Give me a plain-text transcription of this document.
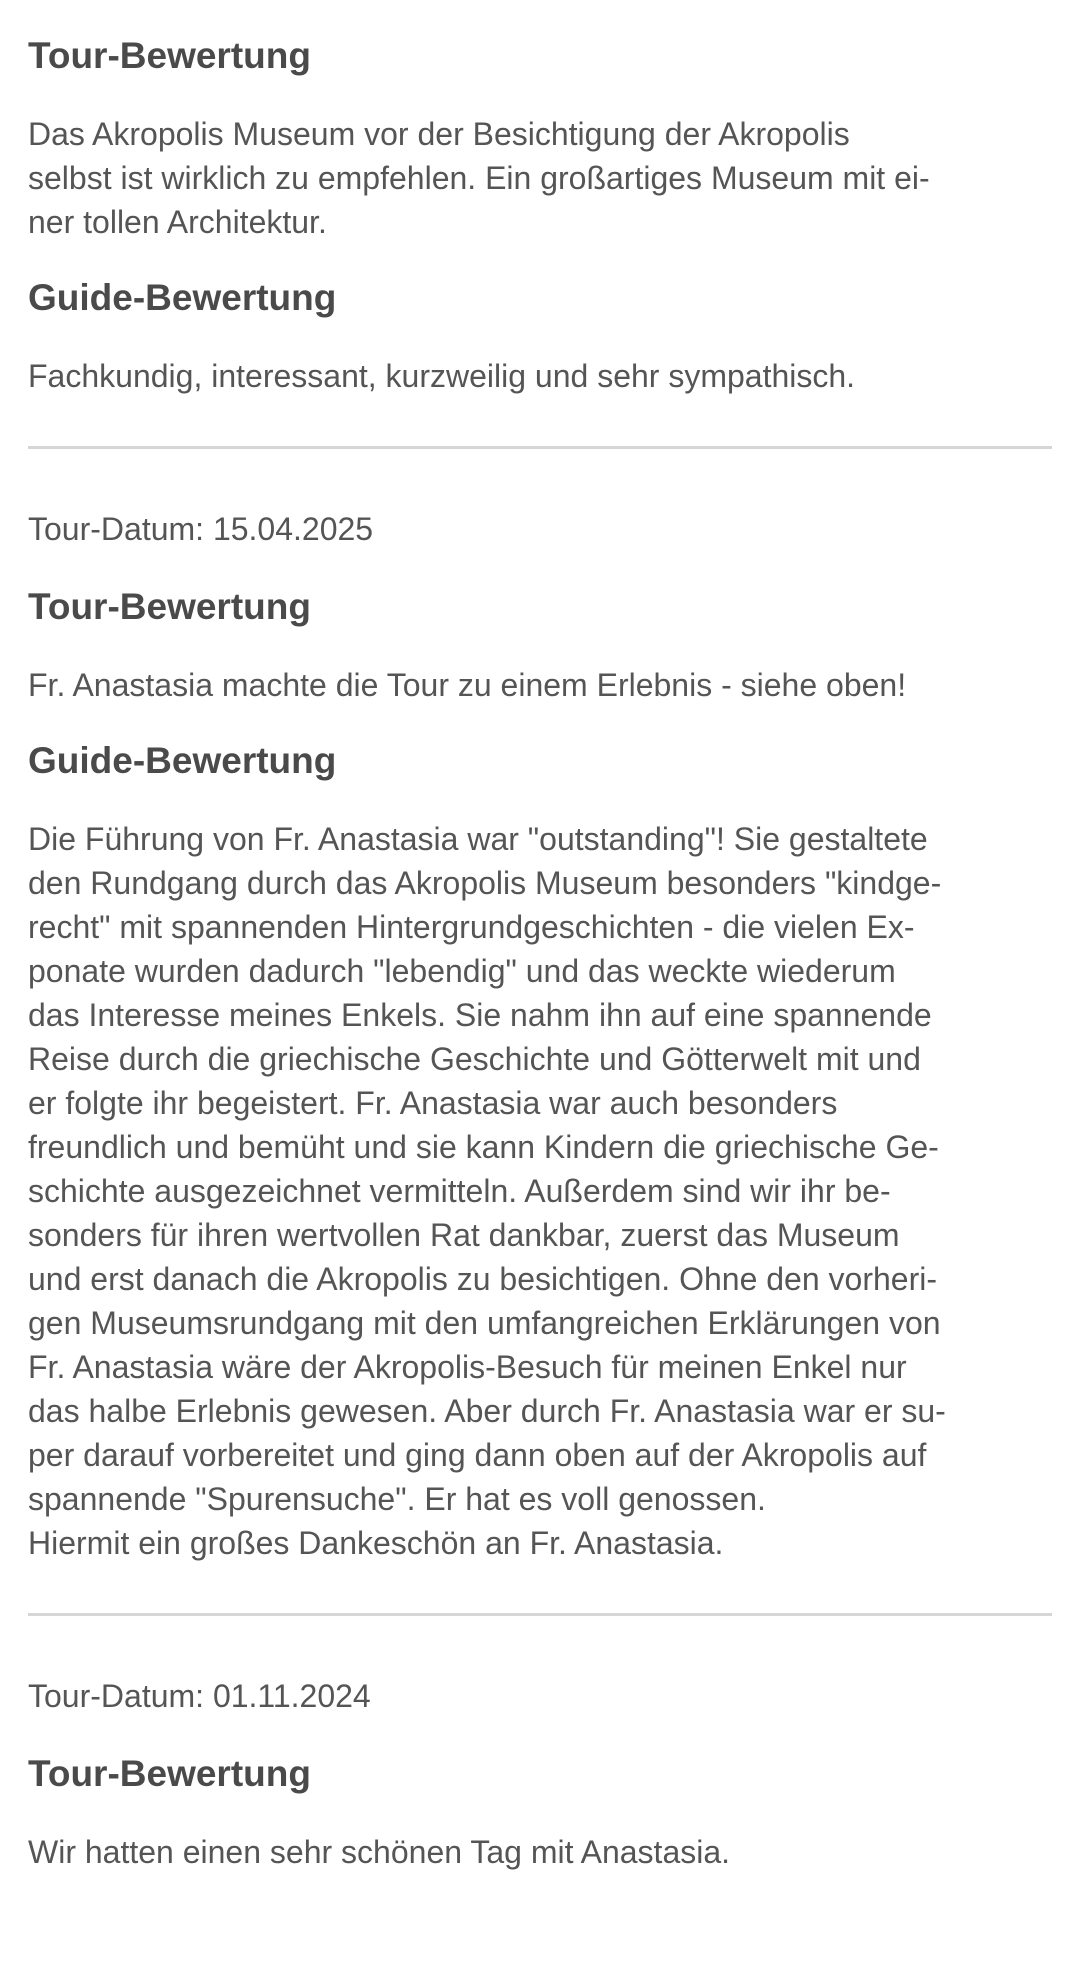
Tour-Bewertung

Das Akropolis Museum vor der Besichtigung der Akropolis
selbst ist wirklich zu empfehlen. Ein großartiges Museum mit ei-
ner tollen Architektur.

Guide-Bewertung

Fachkundig, interessant, kurzweilig und sehr sympathisch.

Tour-Datum: 15.04.2025

Tour-Bewertung

Fr. Anastasia machte die Tour zu einem Erlebnis - siehe oben!

Guide-Bewertung

Die Führung von Fr. Anastasia war "outstanding"! Sie gestaltete
den Rundgang durch das Akropolis Museum besonders "kindge-
recht" mit spannenden Hintergrundgeschichten - die vielen Ex-
ponate wurden dadurch "lebendig" und das weckte wiederum
das Interesse meines Enkels. Sie nahm ihn auf eine spannende
Reise durch die griechische Geschichte und Götterwelt mit und
er folgte ihr begeistert. Fr. Anastasia war auch besonders
freundlich und bemüht und sie kann Kindern die griechische Ge-
schichte ausgezeichnet vermitteln. Außerdem sind wir ihr be-
sonders für ihren wertvollen Rat dankbar, zuerst das Museum
und erst danach die Akropolis zu besichtigen. Ohne den vorheri-
gen Museumsrundgang mit den umfangreichen Erklärungen von
Fr. Anastasia wäre der Akropolis-Besuch für meinen Enkel nur
das halbe Erlebnis gewesen. Aber durch Fr. Anastasia war er su-
per darauf vorbereitet und ging dann oben auf der Akropolis auf
spannende "Spurensuche". Er hat es voll genossen.
Hiermit ein großes Dankeschön an Fr. Anastasia.

Tour-Datum: 01.11.2024

Tour-Bewertung

Wir hatten einen sehr schönen Tag mit Anastasia.
